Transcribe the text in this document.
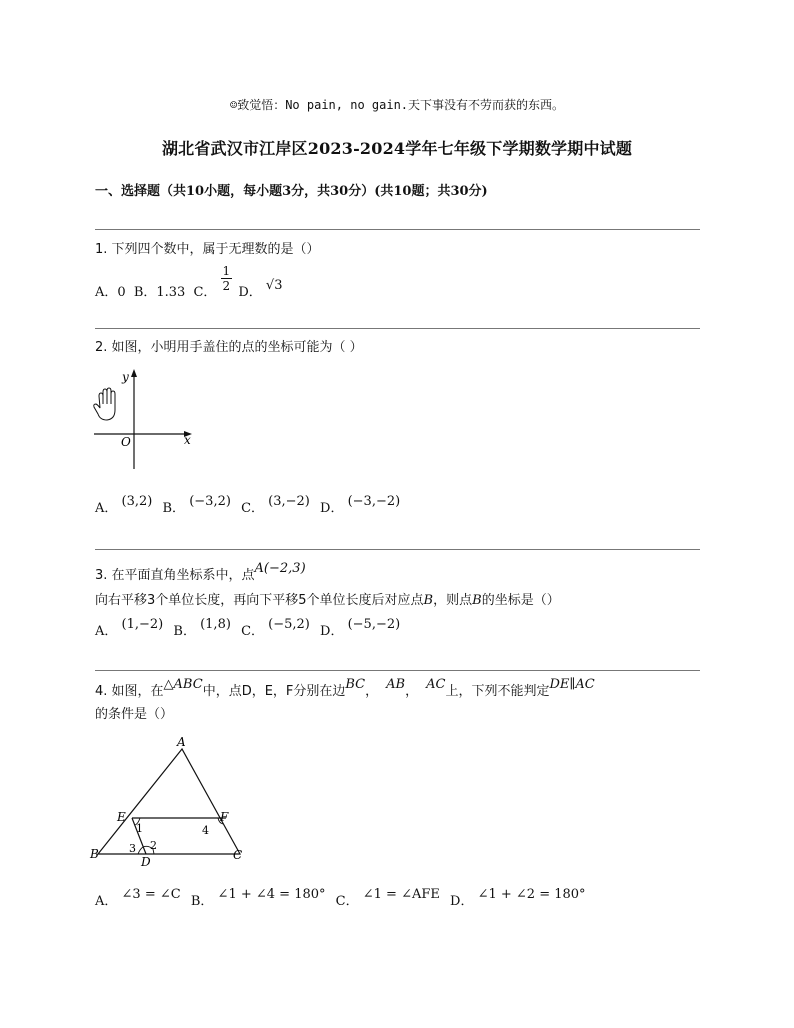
☺致觉悟：No pain, no gain.天下事没有不劳而获的东西。
湖北省武汉市江岸区2023-2024学年七年级下学期数学期中试题
一、选择题（共10小题，每小题3分，共30分）(共10题；共30分)
1. 下列四个数中，属于无理数的是（）
A．0 B．1.33 C． $\frac{1}{2}$ D． √3
2. 如图，小明用手盖住的点的坐标可能为（ ）
y
x
O
A． (3,2) B． (−3,2) C． (3,−2) D． (−3,−2)
3. 在平面直角坐标系中，点A(−2,3)
向右平移3个单位长度，再向下平移5个单位长度后对应点B，则点B的坐标是（）
A． (1,−2) B． (1,8) C． (−5,2) D． (−5,−2)
4. 如图，在△ABC中，点D，E，F分别在边BC， AB， AC上，下列不能判定DE∥AC
的条件是（）
A
B	C
D
E	F
1
2
3
4
A． ∠3 = ∠C B． ∠1 + ∠4 = 180° C． ∠1 = ∠AFE D． ∠1 + ∠2 = 180°
